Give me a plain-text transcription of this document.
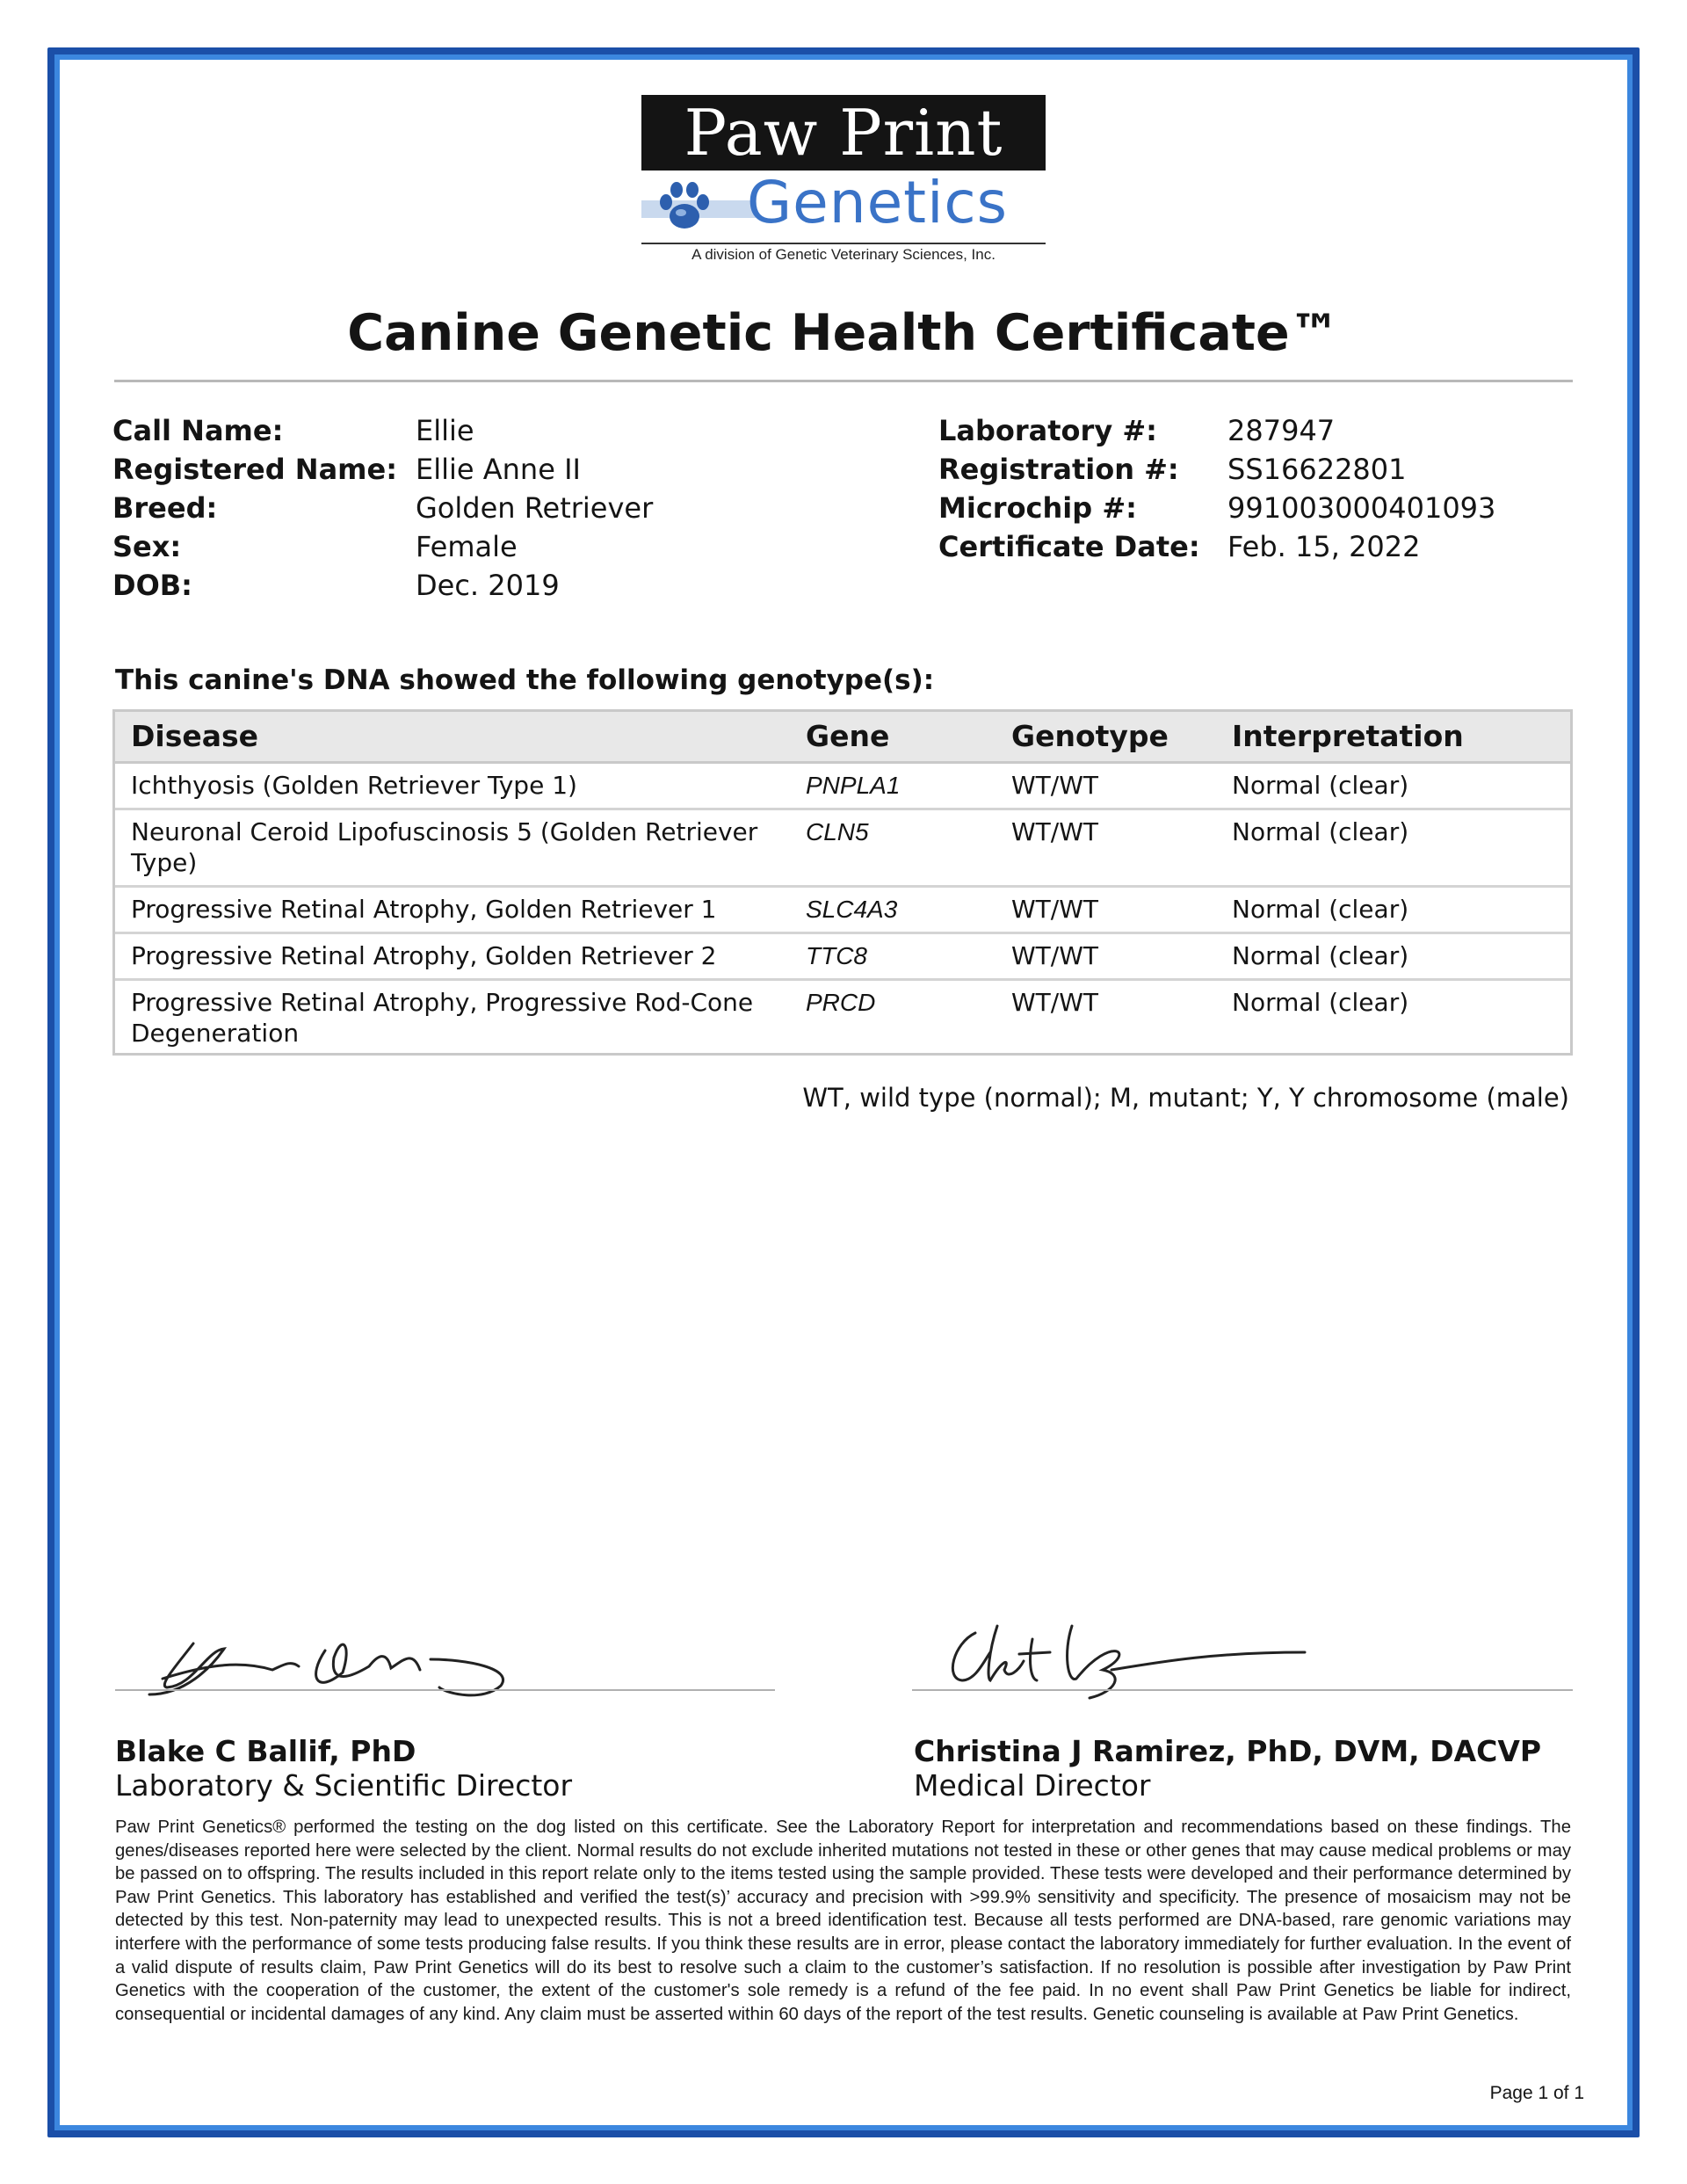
Paw Print
Genetics
A division of Genetic Veterinary Sciences, Inc.
Canine Genetic Health Certificate™
Call Name:	Ellie
Registered Name: Ellie Anne II
Breed:	Golden Retriever
Sex:	Female
DOB:	Dec. 2019
Laboratory #:	287947
Registration #: SS16622801
Microchip #:	991003000401093
Certificate Date: Feb. 15, 2022
This canine's DNA showed the following genotype(s):
Disease	Gene	Genotype Interpretation
Ichthyosis (Golden Retriever Type 1)	PNPLA1	WT/WT	Normal (clear)
Neuronal Ceroid Lipofuscinosis 5 (Golden Retriever
Type)
CLN5	WT/WT	Normal (clear)
Progressive Retinal Atrophy, Golden Retriever 1	SLC4A3	WT/WT	Normal (clear)
Progressive Retinal Atrophy, Golden Retriever 2	TTC8	WT/WT	Normal (clear)
Progressive Retinal Atrophy, Progressive Rod-Cone
Degeneration
PRCD	WT/WT	Normal (clear)
WT, wild type (normal); M, mutant; Y, Y chromosome (male)
Blake C Ballif, PhD
Laboratory & Scientific Director
Christina J Ramirez, PhD, DVM, DACVP
Medical Director
Paw Print Genetics® performed the testing on the dog listed on this certificate. See the Laboratory Report for interpretation and recommendations based on these findings. The genes/diseases reported here were selected by the client. Normal results do not exclude inherited mutations not tested in these or other genes that may cause medical problems or may be passed on to offspring. The results included in this report relate only to the items tested using the sample provided. These tests were developed and their performance determined by Paw Print Genetics. This laboratory has established and verified the test(s)’ accuracy and precision with >99.9% sensitivity and specificity. The presence of mosaicism may not be detected by this test. Non-paternity may lead to unexpected results. This is not a breed identification test. Because all tests performed are DNA-based, rare genomic variations may interfere with the performance of some tests producing false results. If you think these results are in error, please contact the laboratory immediately for further evaluation. In the event of a valid dispute of results claim, Paw Print Genetics will do its best to resolve such a claim to the customer’s satisfaction. If no resolution is possible after investigation by Paw Print Genetics with the cooperation of the customer, the extent of the customer's sole remedy is a refund of the fee paid. In no event shall Paw Print Genetics be liable for indirect, consequential or incidental damages of any kind. Any claim must be asserted within 60 days of the report of the test results. Genetic counseling is available at Paw Print Genetics.
Page 1 of 1
